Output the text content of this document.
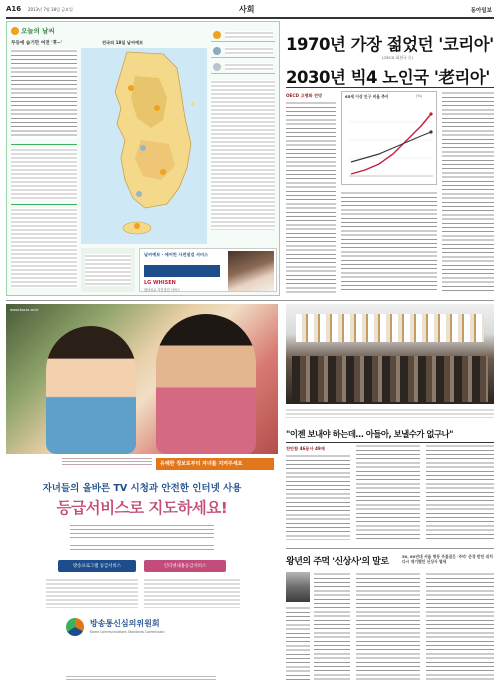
A16 2013년 7월 18일 금요일	사회	동아일보
오늘의 날씨
무등에 습기만 여전 '후~'	전국의 18일 날씨예보
날씨예보 · 에어컨 사전점검 서비스
LG WHISEN
원터치로 사전점검 서비스
1970년 가장 젊었던 '코리아'
(OECD 회원국 중)
2030년 빅4 노인국 '老리아'
OECD 고령화 전망	65세 이상 인구 비율 추이	(%)
www.kocsc.or.kr
유해한 정보로부터 자녀를 지켜주세요
자녀들의 올바른 TV 시청과 안전한 인터넷 사용
등급서비스로 지도하세요!
방송프로그램 등급서비스	인터넷내용등급서비스
방송통신심의위원회
Korea Communications Standards Commission
"이젠 보내야 하는데… 아들아, 보낼수가 없구나"
천안함 46용사 49재
왕년의 주먹 '신상사'의 말로
50, 60년대 서울 명동 주름잡은 '주먹' 존경 받던 위치 다시 재기했던 신상사 별세
